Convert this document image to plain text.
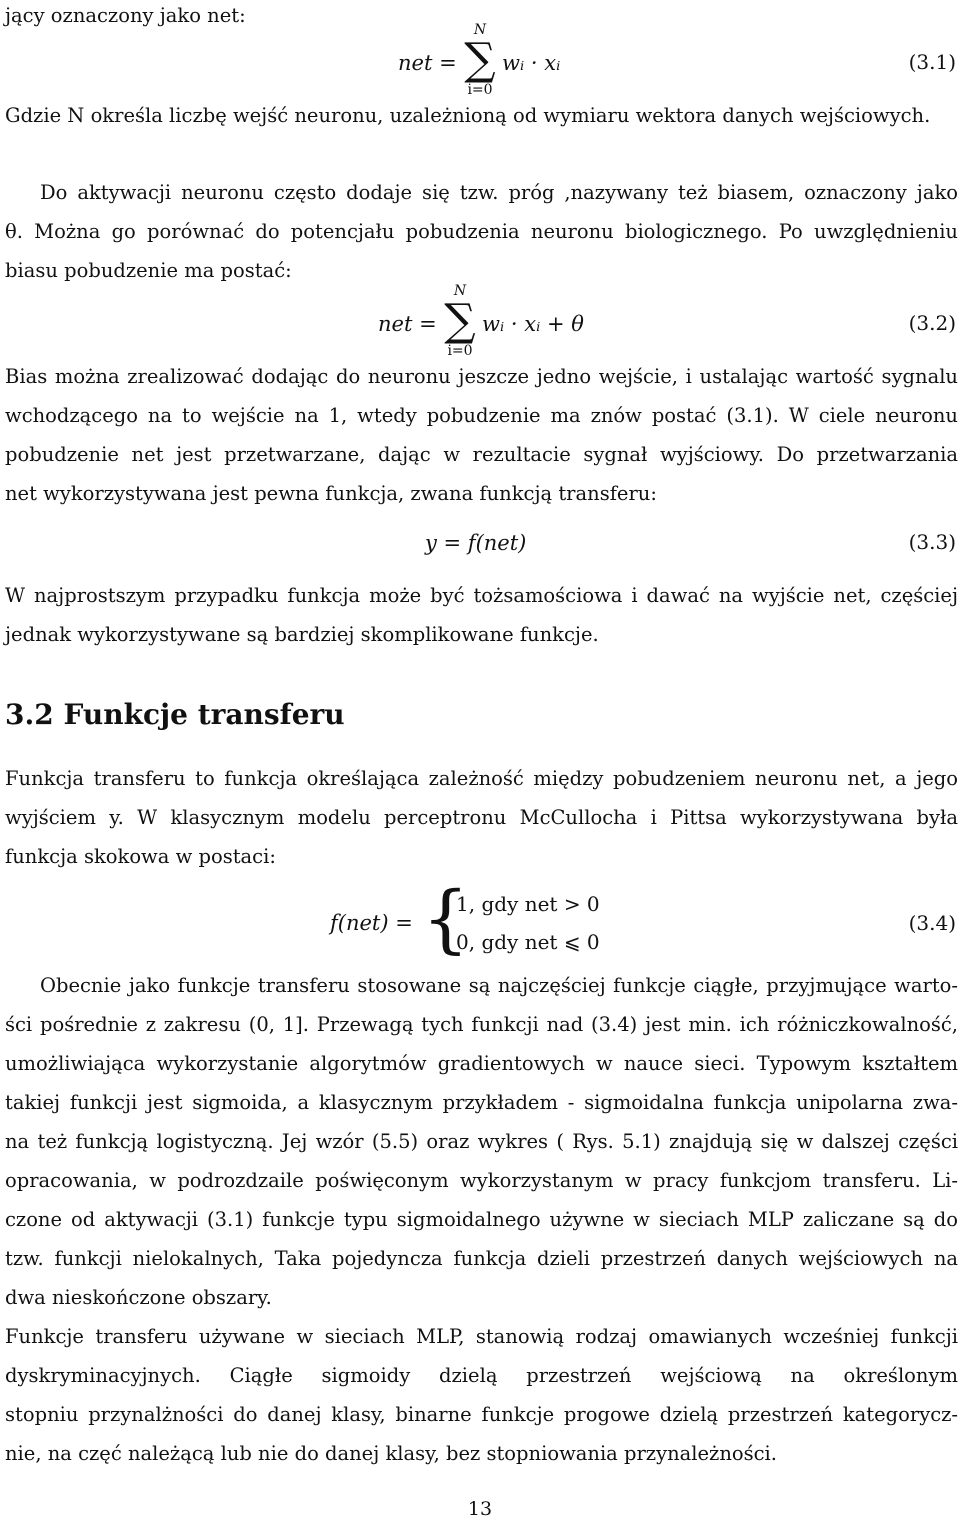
jący oznaczony jako net:
net =
N
∑
i=0
wᵢ · xᵢ	(3.1)
Gdzie N określa liczbę wejść neuronu, uzależnioną od wymiaru wektora danych wejściowych.
Do aktywacji neuronu często dodaje się tzw. próg ,nazywany też biasem, oznaczony jako
θ. Można go porównać do potencjału pobudzenia neuronu biologicznego. Po uwzględnieniu
biasu pobudzenie ma postać:
net =
N
∑
i=0
wᵢ · xᵢ + θ	(3.2)
Bias można zrealizować dodając do neuronu jeszcze jedno wejście, i ustalając wartość sygnalu
wchodzącego na to wejście na 1, wtedy pobudzenie ma znów postać (3.1). W ciele neuronu
pobudzenie net jest przetwarzane, dając w rezultacie sygnał wyjściowy. Do przetwarzania
net wykorzystywana jest pewna funkcja, zwana funkcją transferu:
y = f(net)	(3.3)
W najprostszym przypadku funkcja może być tożsamościowa i dawać na wyjście net, częściej
jednak wykorzystywane są bardziej skomplikowane funkcje.
3.2 Funkcje transferu
Funkcja transferu to funkcja określająca zależność między pobudzeniem neuronu net, a jego
wyjściem y. W klasycznym modelu perceptronu McCullocha i Pittsa wykorzystywana była
funkcja skokowa w postaci:
f(net) = {
1, gdy net > 0
0, gdy net ⩽ 0
(3.4)
Obecnie jako funkcje transferu stosowane są najczęściej funkcje ciągłe, przyjmujące warto-
ści pośrednie z zakresu (0, 1]. Przewagą tych funkcji nad (3.4) jest min. ich różniczkowalność,
umożliwiająca wykorzystanie algorytmów gradientowych w nauce sieci. Typowym kształtem
takiej funkcji jest sigmoida, a klasycznym przykładem - sigmoidalna funkcja unipolarna zwa-
na też funkcją logistyczną. Jej wzór (5.5) oraz wykres ( Rys. 5.1) znajdują się w dalszej części
opracowania, w podrozdzaile poświęconym wykorzystanym w pracy funkcjom transferu. Li-
czone od aktywacji (3.1) funkcje typu sigmoidalnego używne w sieciach MLP zaliczane są do
tzw. funkcji nielokalnych, Taka pojedyncza funkcja dzieli przestrzeń danych wejściowych na
dwa nieskończone obszary.
Funkcje transferu używane w sieciach MLP, stanowią rodzaj omawianych wcześniej funkcji
dyskryminacyjnych. Ciągłe sigmoidy dzielą przestrzeń wejściową na określonym
stopniu przynalżności do danej klasy, binarne funkcje progowe dzielą przestrzeń kategorycz-
nie, na częć należącą lub nie do danej klasy, bez stopniowania przynależności.
13
